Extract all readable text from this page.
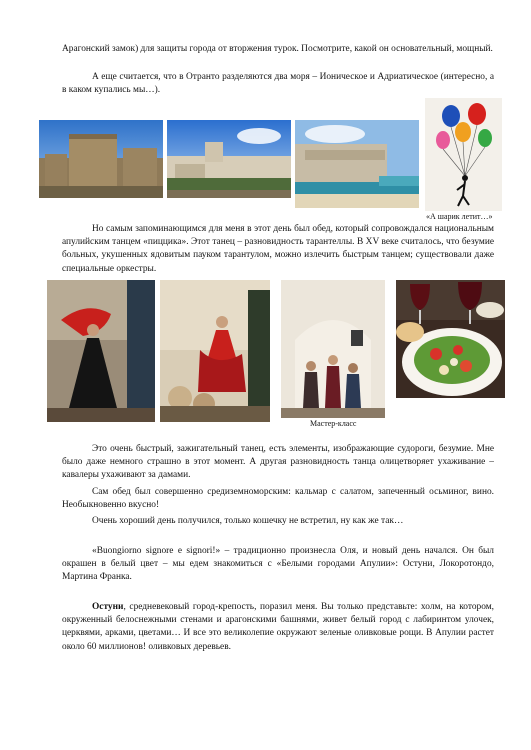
Арагонский замок) для защиты города от вторжения турок. Посмотрите, какой он основательный, мощный.

А еще считается, что в Отранто разделяются два моря – Ионическое и Адриатическое (интересно, а в каком купались мы…).

«А шарик летит…»

Но самым запоминающимся для меня в этот день был обед, который сопровождался национальным апулийским танцем «пиццика». Этот танец – разновидность тарантеллы. В XV веке считалось, что безумие больных, укушенных ядовитым пауком тарантулом, можно излечить быстрым танцем; существовали даже специальные оркестры.

Мастер-класс

Это очень быстрый, зажигательный танец, есть элементы, изображающие судороги, безумие. Мне было даже немного страшно в этот момент. А другая разновидность танца олицетворяет ухаживание – кавалеры ухаживают за дамами.

Сам обед был совершенно средиземноморским: кальмар с салатом, запеченный осьминог, вино. Необыкновенно вкусно!

Очень хороший день получился, только кошечку не встретил, ну как же так…

«Buongiorno signore e signori!» – традиционно произнесла Оля, и новый день начался. Он был окрашен в белый цвет – мы едем знакомиться с «Белыми городами Апулии»: Остуни, Локоротондо, Мартина Франка.

Остуни, средневековый город-крепость, поразил меня. Вы только представьте: холм, на котором, окруженный белоснежными стенами и арагонскими башнями, живет белый город с лабиринтом улочек, церквями, арками, цветами… И все это великолепие окружают зеленые оливковые рощи. В Апулии растет около 60 миллионов! оливковых деревьев.
